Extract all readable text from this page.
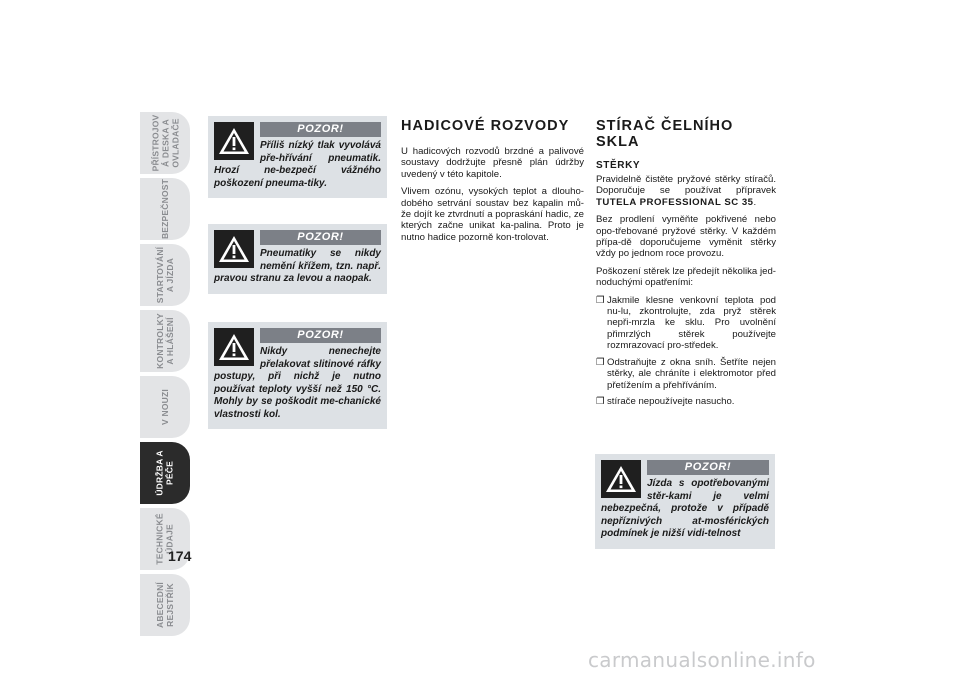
PŘÍSTROJOV
Á DESKA A
OVLADAČE
BEZPEČNOST
STARTOVÁNÍ
A JÍZDA
KONTROLKY
A HLÁŠENÍ
V NOUZI
ÚDRŽBA A
PÉČE
TECHNICKÉ
ÚDAJE
ABECEDNÍ
REJSTŘÍK
174
POZOR!
Příliš nízký tlak vyvolává pře-hřívání pneumatik. Hrozí ne-bezpečí vážného poškození pneuma-tiky.
POZOR!
Pneumatiky se nikdy nemění křížem, tzn. např. pravou stranu za levou a naopak.
POZOR!
Nikdy nenechejte přelakovat slitinové ráfky postupy, při nichž je nutno používat teploty vyšší než 150 °C. Mohly by se poškodit me-chanické vlastnosti kol.
HADICOVÉ ROZVODY

U hadicových rozvodů brzdné a palivové soustavy dodržujte přesně plán údržby uvedený v této kapitole.

Vlivem ozónu, vysokých teplot a dlouho-dobého setrvání soustav bez kapalin mů-že dojít ke ztvrdnutí a popraskání hadic, ze kterých začne unikat ka-palina. Proto je nutno hadice pozorně kon-trolovat.

STÍRAČ ČELNÍHO
SKLA
STĚRKY

Pravidelně čistěte pryžové stěrky stíračů. Doporučuje se používat přípravek TUTELA PROFESSIONAL SC 35.

Bez prodlení vyměňte pokřivené nebo opo-třebované pryžové stěrky. V každém přípa-dě doporučujeme vyměnit stěrky vždy po jednom roce provozu.

Poškození stěrek lze předejít několika jed-noduchými opatřeními:

❒ Jakmile klesne venkovní teplota pod nu-lu, zkontrolujte, zda pryž stěrek nepři-mrzla ke sklu. Pro uvolnění přimrzlých stěrek používejte rozmrazovací pro-středek.
❒ Odstraňujte z okna sníh. Šetříte nejen stěrky, ale chráníte i elektromotor před přetížením a přehříváním.
❒ stírače nepoužívejte nasucho.
POZOR!
Jízda s opotřebovanými stěr-kami je velmi nebezpečná, protože v případě nepříznivých at-mosférických podmínek je nižší vidi-telnost
carmanualsonline.info
